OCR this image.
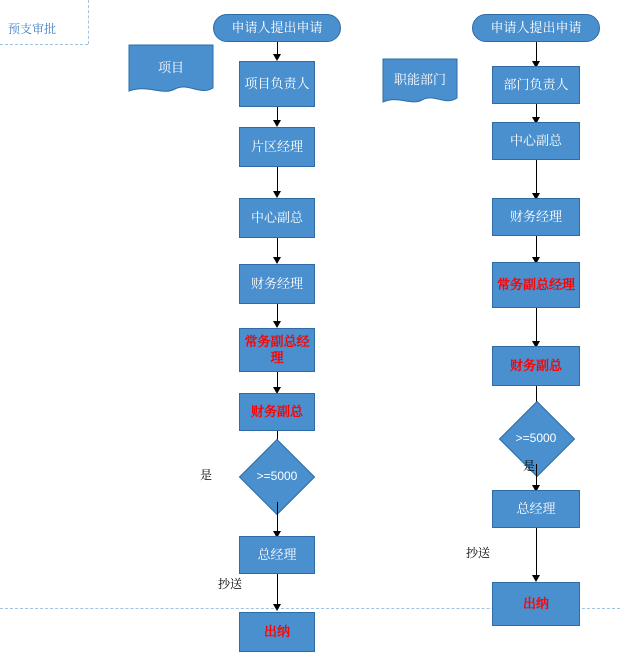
预支审批
项目
申请人提出申请
项目负责人
片区经理
中心副总
财务经理
常务副总经理
财务副总
>=5000
是
总经理
抄送
出纳
职能部门
申请人提出申请
部门负责人
中心副总
财务经理
常务副总经理
财务副总
>=5000
是
总经理
抄送
出纳
